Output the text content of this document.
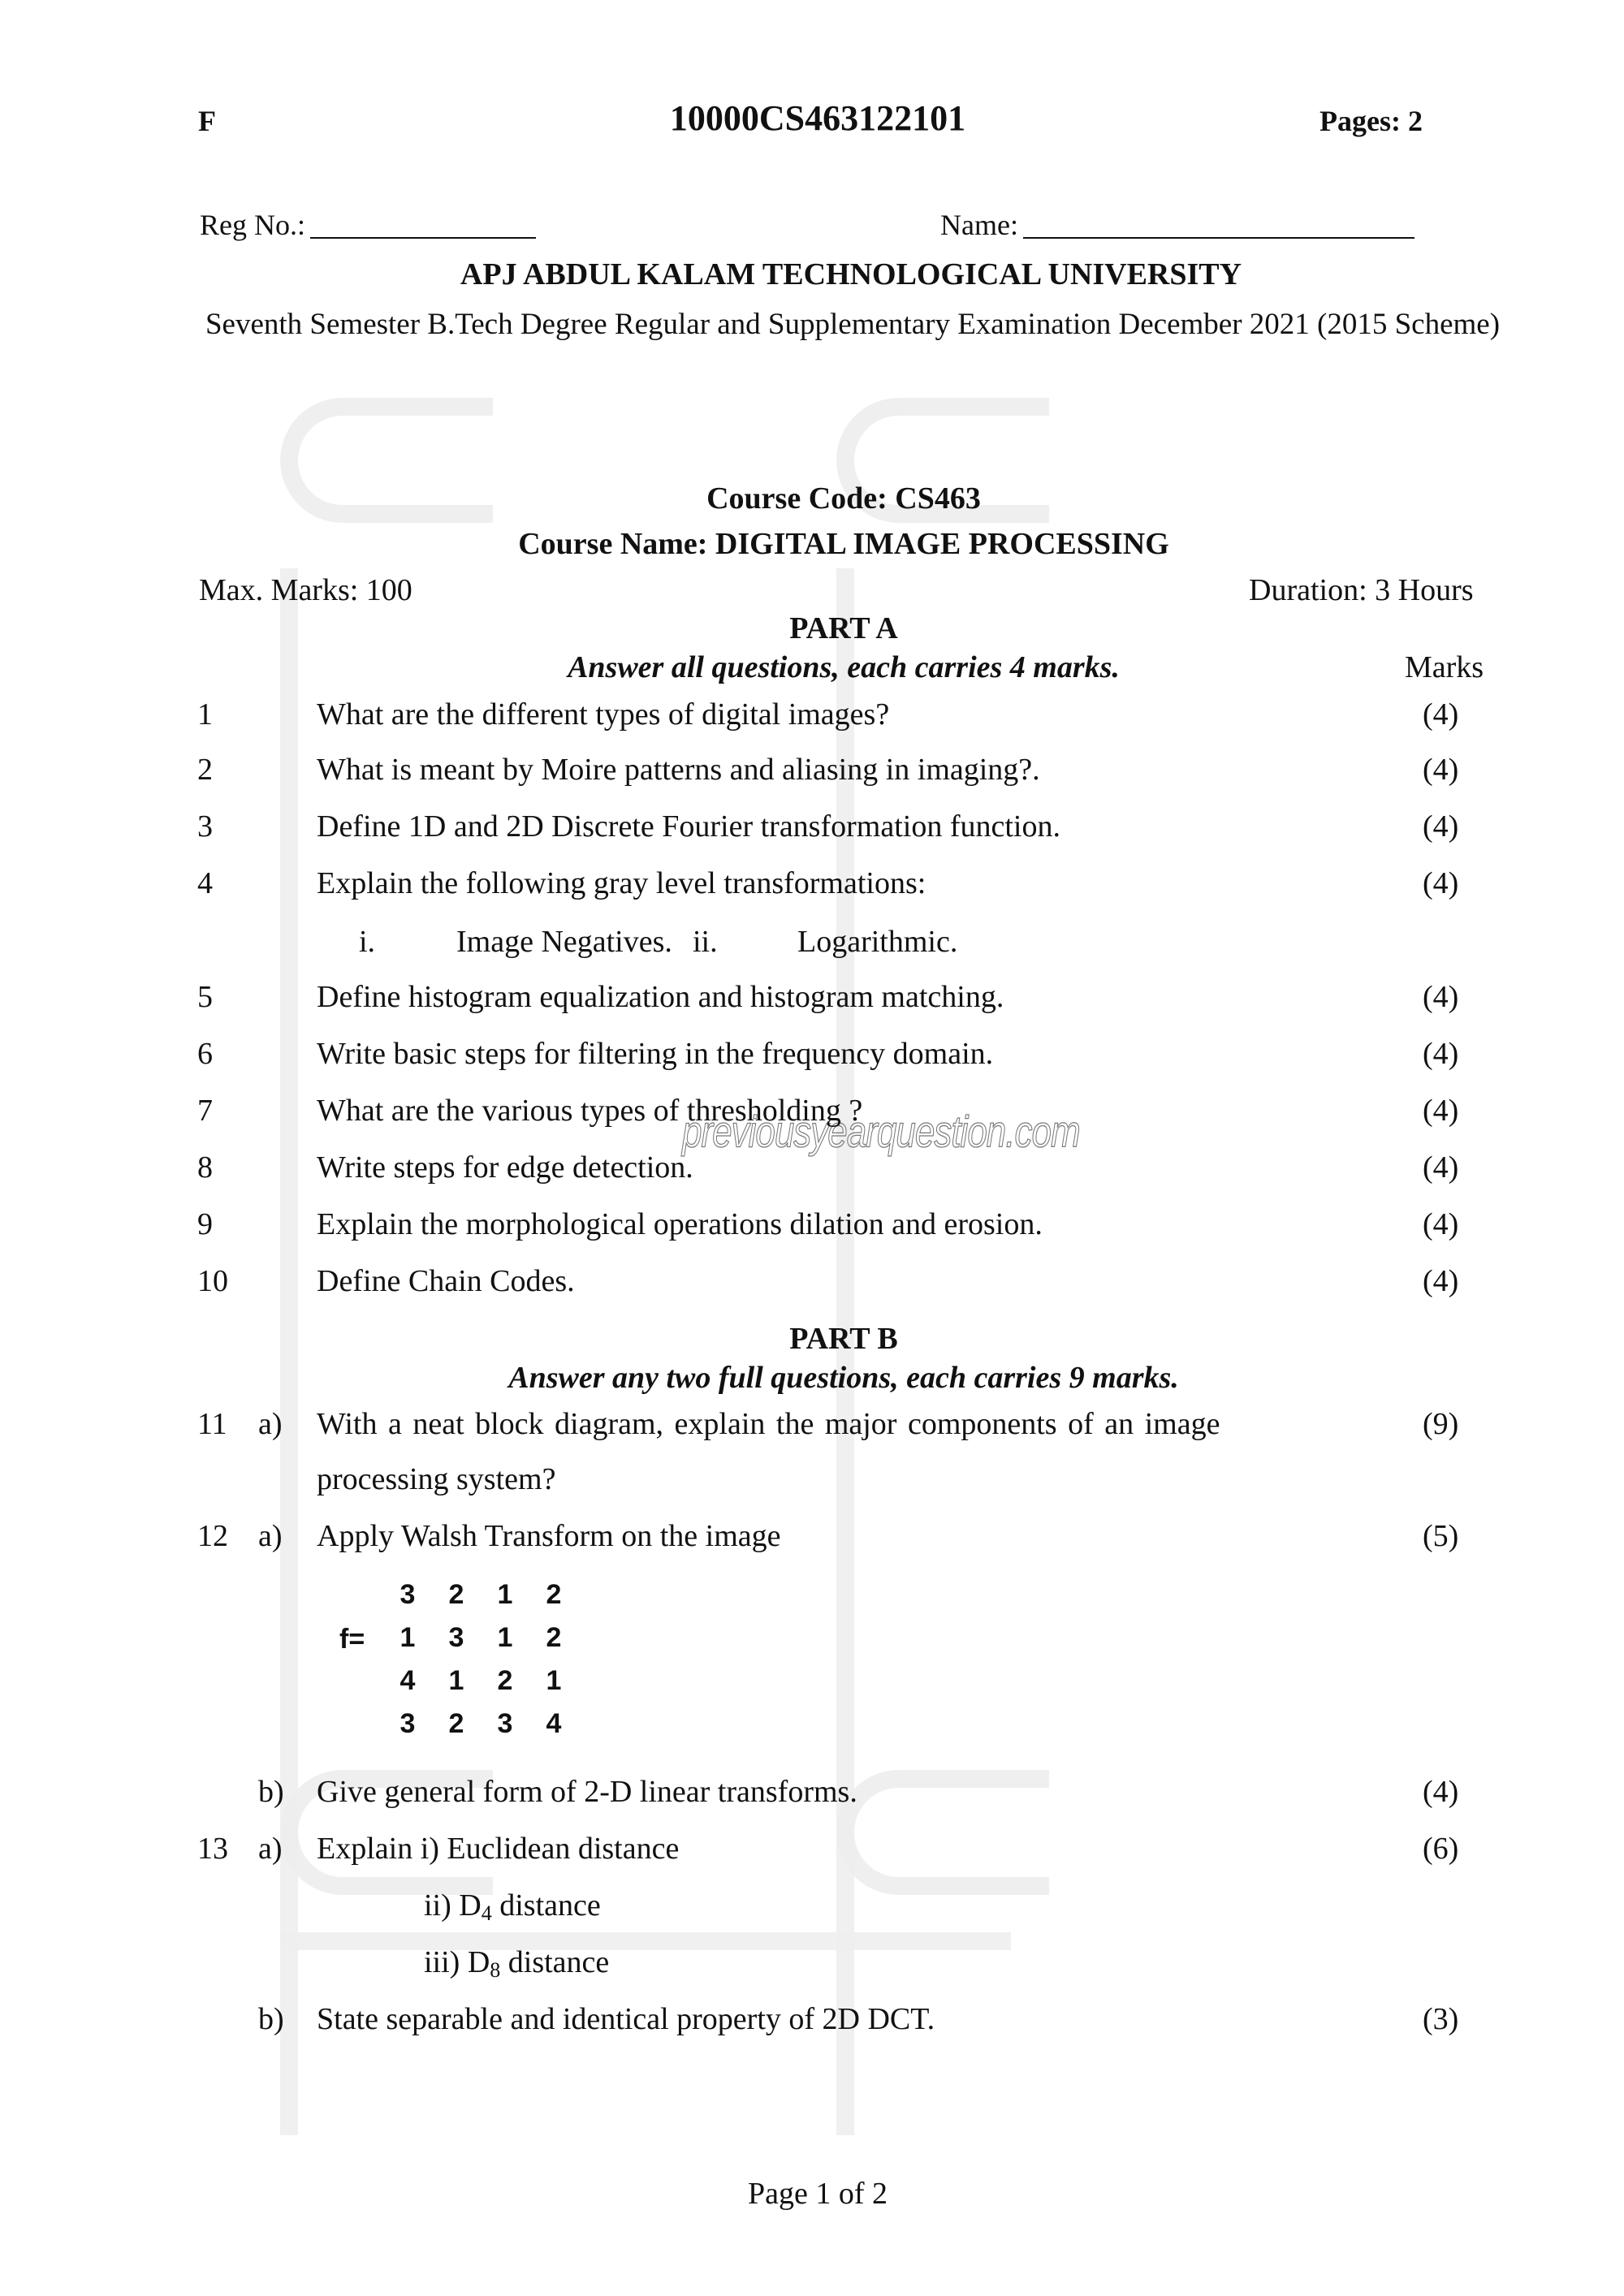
previousyearquestion.com
F	10000CS463122101	Pages: 2
Reg No.:	Name:
APJ ABDUL KALAM TECHNOLOGICAL UNIVERSITY
Seventh Semester B.Tech Degree Regular and Supplementary Examination December 2021 (2015 Scheme)
Course Code: CS463
Course Name: DIGITAL IMAGE PROCESSING
Max. Marks: 100	Duration: 3 Hours
PART A
Answer all questions, each carries 4 marks.	Marks
1	What are the different types of digital images?	(4)
2	What is meant by Moire patterns and aliasing in imaging?.	(4)
3	Define 1D and 2D Discrete Fourier transformation function.	(4)
4	Explain the following gray level transformations:	(4)
5	Define histogram equalization and histogram matching.	(4)
6	Write basic steps for filtering in the frequency domain.	(4)
7	What are the various types of thresholding ?	(4)
8	Write steps for edge detection.	(4)
9	Explain the morphological operations dilation and erosion.	(4)
10	Define Chain Codes.	(4)
i.	Image Negatives. ii.	Logarithmic.
PART B
Answer any two full questions, each carries 9 marks.
11 a) With a neat block diagram, explain the major components of an image	(9)
processing system?
12 a) Apply Walsh Transform on the image	(5)
f=
3	2	1	2
1	3	1	2
4	1	2	1
3	2	3	4
b) Give general form of 2-D linear transforms.	(4)
13 a) Explain i) Euclidean distance	(6)
ii) $D_4$ distance
iii) $D_8$ distance
b) State separable and identical property of 2D DCT.	(3)
Page 1 of 2
